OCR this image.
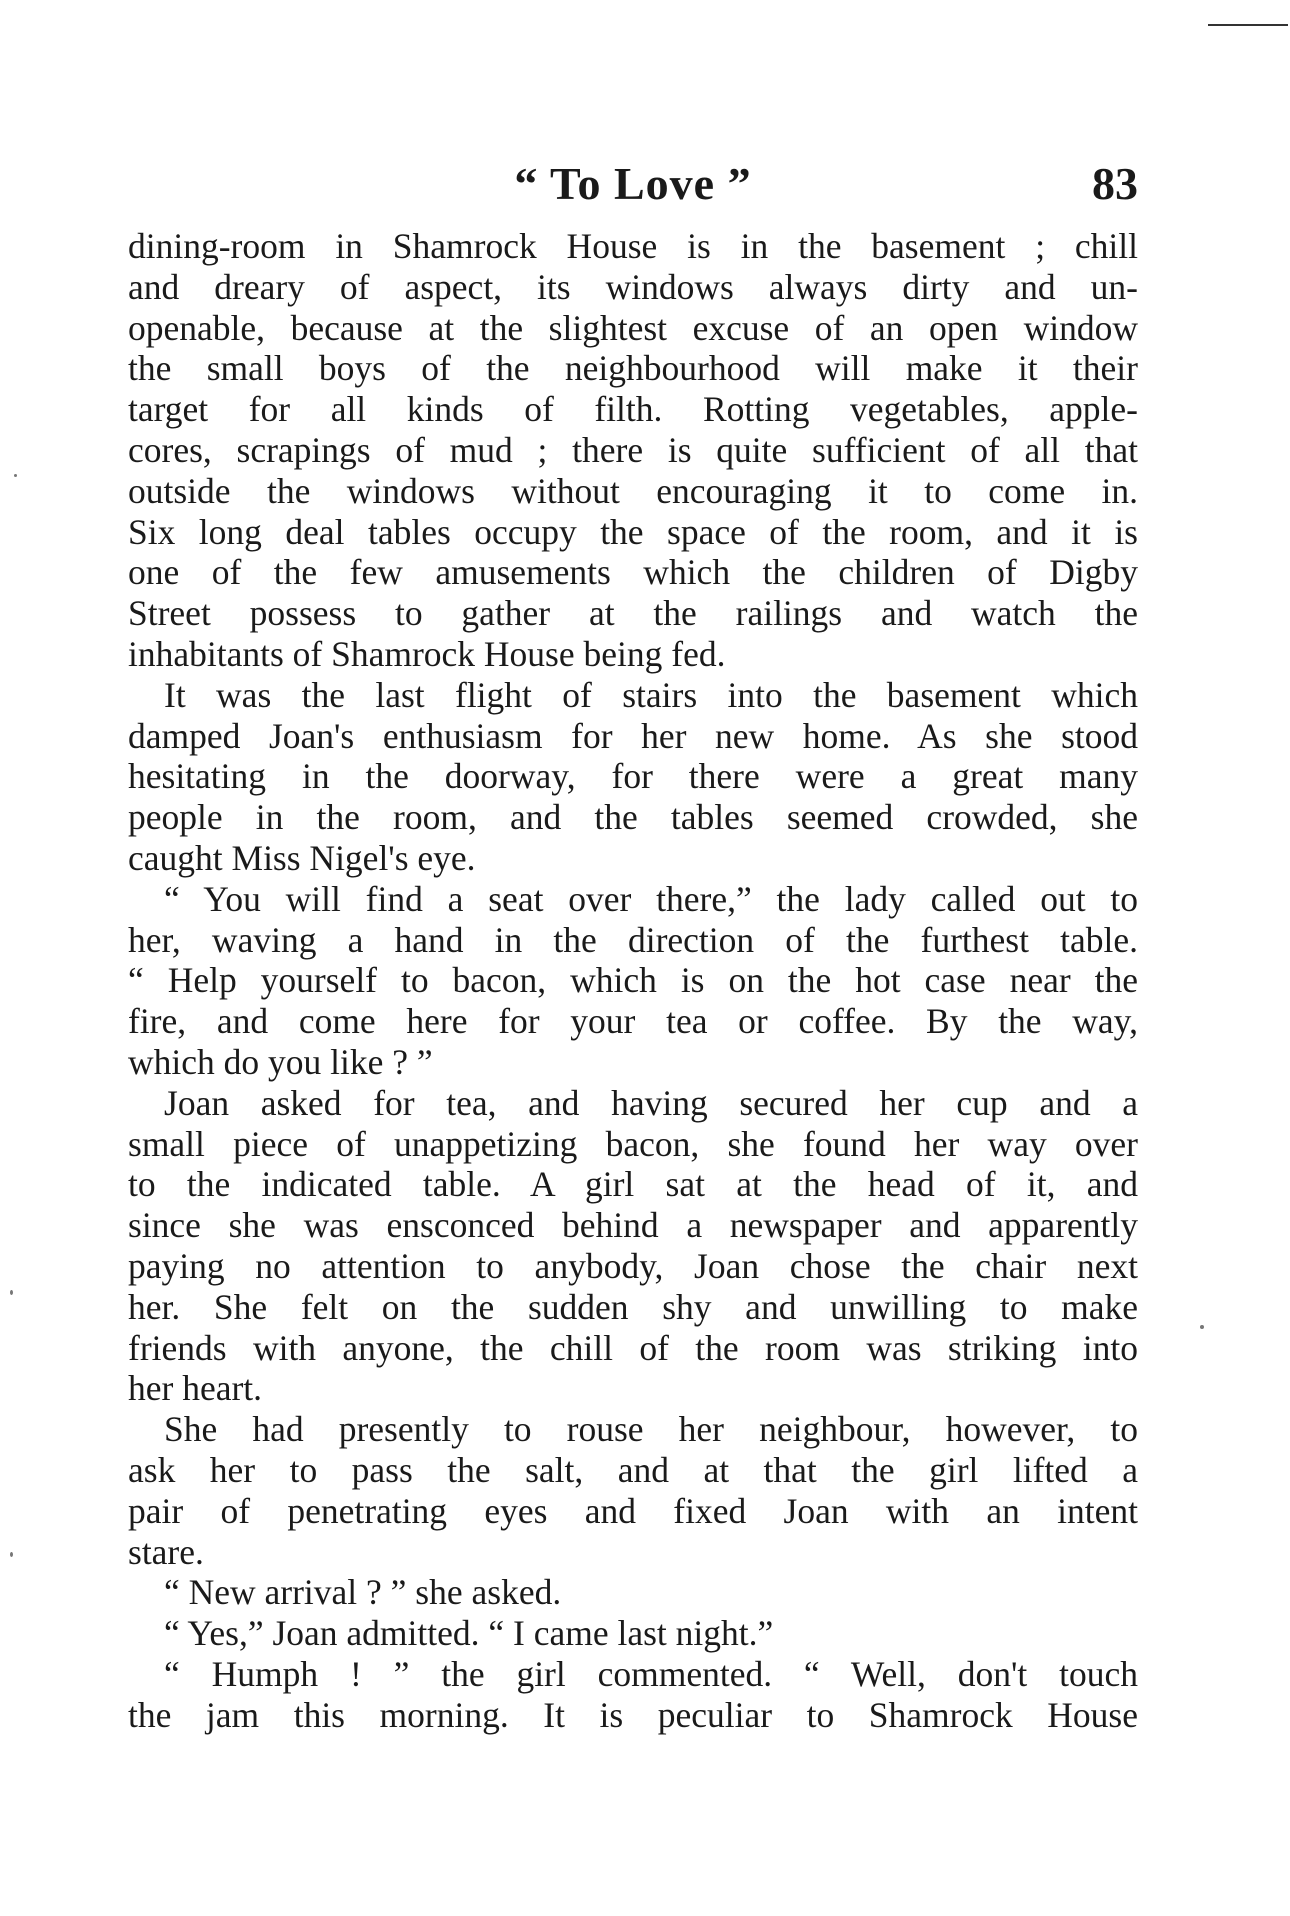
“ To Love ”	83
dining-room in Shamrock House is in the basement ; chill
and dreary of aspect, its windows always dirty and un-
openable, because at the slightest excuse of an open window
the small boys of the neighbourhood will make it their
target for all kinds of filth. Rotting vegetables, apple-
cores, scrapings of mud ; there is quite sufficient of all that
outside the windows without encouraging it to come in.
Six long deal tables occupy the space of the room, and it is
one of the few amusements which the children of Digby
Street possess to gather at the railings and watch the
inhabitants of Shamrock House being fed.
It was the last flight of stairs into the basement which
damped Joan's enthusiasm for her new home. As she stood
hesitating in the doorway, for there were a great many
people in the room, and the tables seemed crowded, she
caught Miss Nigel's eye.
“ You will find a seat over there,” the lady called out to
her, waving a hand in the direction of the furthest table.
“ Help yourself to bacon, which is on the hot case near the
fire, and come here for your tea or coffee. By the way,
which do you like ? ”
Joan asked for tea, and having secured her cup and a
small piece of unappetizing bacon, she found her way over
to the indicated table. A girl sat at the head of it, and
since she was ensconced behind a newspaper and apparently
paying no attention to anybody, Joan chose the chair next
her. She felt on the sudden shy and unwilling to make
friends with anyone, the chill of the room was striking into
her heart.
She had presently to rouse her neighbour, however, to
ask her to pass the salt, and at that the girl lifted a
pair of penetrating eyes and fixed Joan with an intent
stare.
“ New arrival ? ” she asked.
“ Yes,” Joan admitted. “ I came last night.”
“ Humph ! ” the girl commented. “ Well, don't touch
the jam this morning. It is peculiar to Shamrock House
